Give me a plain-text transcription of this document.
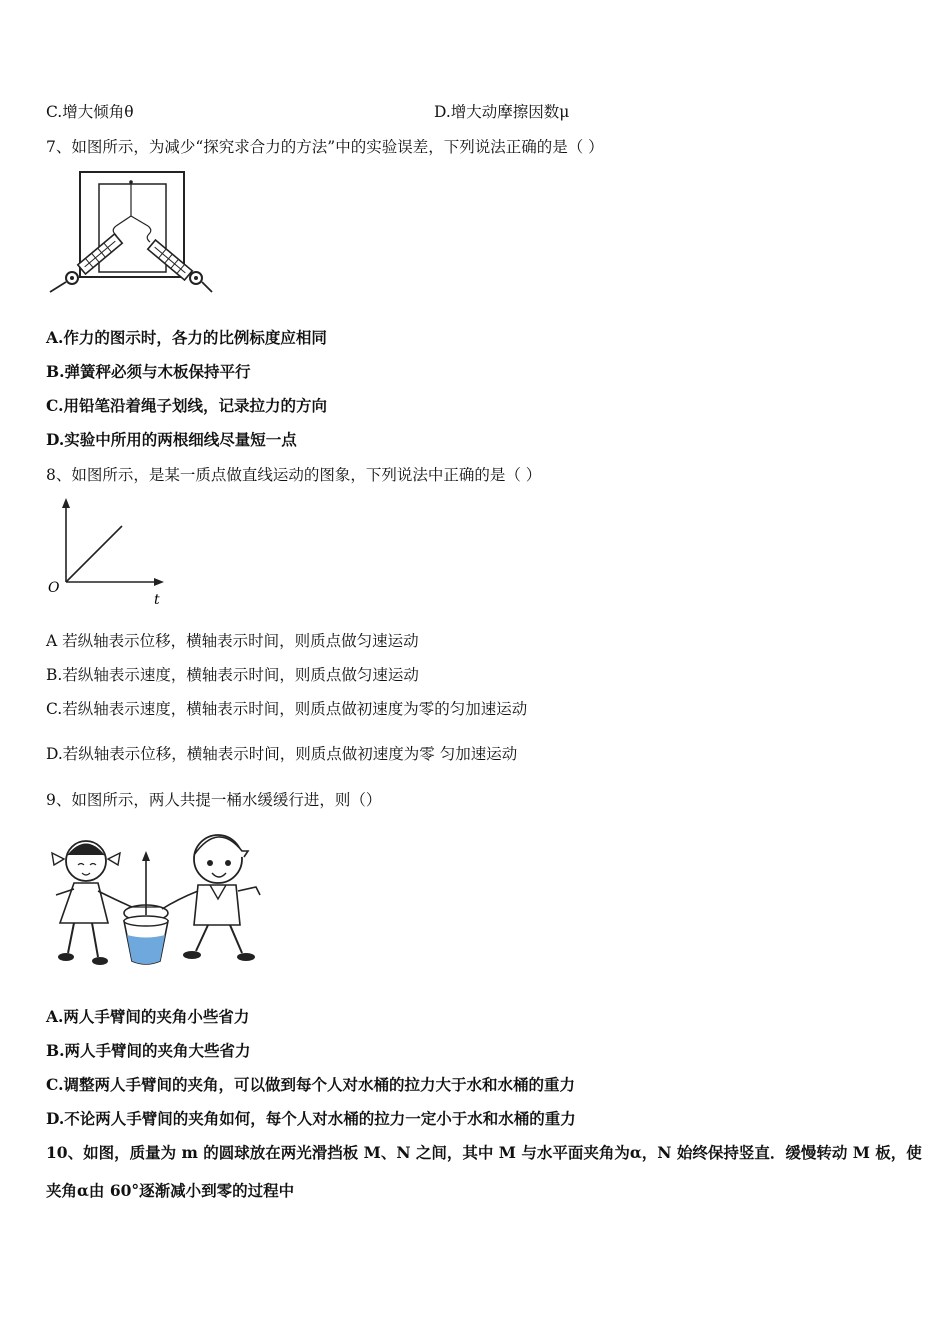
C.增大倾角θ	D.增大动摩擦因数μ
7、如图所示，为减少“探究求合力的方法”中的实验误差，下列说法正确的是（ ）
A.作力的图示时，各力的比例标度应相同
B.弹簧秤必须与木板保持平行
C.用铅笔沿着绳子划线，记录拉力的方向
D.实验中所用的两根细线尽量短一点
8、如图所示，是某一质点做直线运动的图象，下列说法中正确的是（ ）
O
t
A 若纵轴表示位移，横轴表示时间，则质点做匀速运动
B.若纵轴表示速度，横轴表示时间，则质点做匀速运动
C.若纵轴表示速度，横轴表示时间，则质点做初速度为零的匀加速运动
D.若纵轴表示位移，横轴表示时间，则质点做初速度为零 匀加速运动
9、如图所示，两人共提一桶水缓缓行进，则（）
A.两人手臂间的夹角小些省力
B.两人手臂间的夹角大些省力
C.调整两人手臂间的夹角，可以做到每个人对水桶的拉力大于水和水桶的重力
D.不论两人手臂间的夹角如何，每个人对水桶的拉力一定小于水和水桶的重力
10、如图，质量为 m 的圆球放在两光滑挡板 M、N 之间，其中 M 与水平面夹角为α，N 始终保持竖直．缓慢转动 M 板，使
夹角α由 60°逐渐减小到零的过程中
